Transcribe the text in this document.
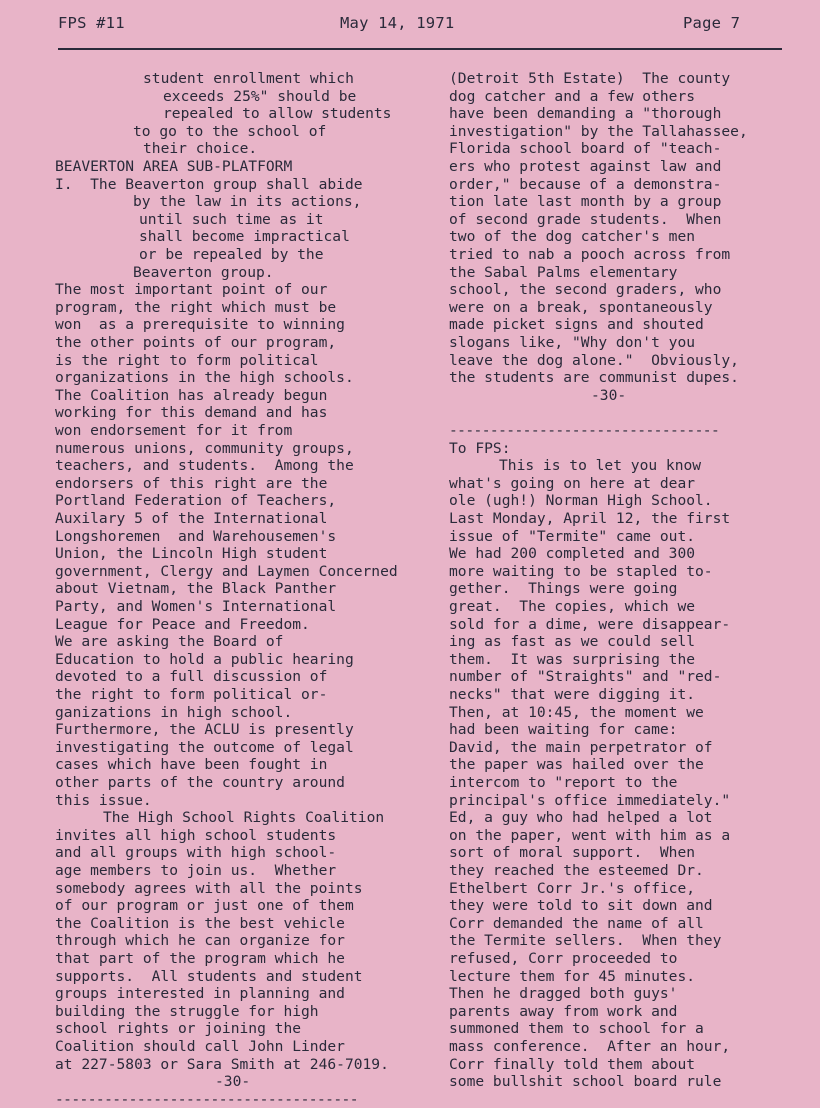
FPS #11	May 14, 1971	Page 7
student enrollment which
exceeds 25%" should be
repealed to allow students
to go to the school of
their choice.
BEAVERTON AREA SUB-PLATFORM
I.  The Beaverton group shall abide
by the law in its actions,
until such time as it
shall become impractical
or be repealed by the
Beaverton group.
The most important point of our
program, the right which must be
won  as a prerequisite to winning
the other points of our program,
is the right to form political
organizations in the high schools.
The Coalition has already begun
working for this demand and has
won endorsement for it from
numerous unions, community groups,
teachers, and students.  Among the
endorsers of this right are the
Portland Federation of Teachers,
Auxilary 5 of the International
Longshoremen  and Warehousemen's
Union, the Lincoln High student
government, Clergy and Laymen Concerned
about Vietnam, the Black Panther
Party, and Women's International
League for Peace and Freedom.
We are asking the Board of
Education to hold a public hearing
devoted to a full discussion of
the right to form political or-
ganizations in high school.
Furthermore, the ACLU is presently
investigating the outcome of legal
cases which have been fought in
other parts of the country around
this issue.
The High School Rights Coalition
invites all high school students
and all groups with high school-
age members to join us.  Whether
somebody agrees with all the points
of our program or just one of them
the Coalition is the best vehicle
through which he can organize for
that part of the program which he
supports.  All students and student
groups interested in planning and
building the struggle for high
school rights or joining the
Coalition should call John Linder
at 227-5803 or Sara Smith at 246-7019.
-30-
-------------------------------------
(Detroit 5th Estate)  The county
dog catcher and a few others
have been demanding a "thorough
investigation" by the Tallahassee,
Florida school board of "teach-
ers who protest against law and
order," because of a demonstra-
tion late last month by a group
of second grade students.  When
two of the dog catcher's men
tried to nab a pooch across from
the Sabal Palms elementary
school, the second graders, who
were on a break, spontaneously
made picket signs and shouted
slogans like, "Why don't you
leave the dog alone."  Obviously,
the students are communist dupes.
-30-
---------------------------------
To FPS:
This is to let you know
what's going on here at dear
ole (ugh!) Norman High School.
Last Monday, April 12, the first
issue of "Termite" came out.
We had 200 completed and 300
more waiting to be stapled to-
gether.  Things were going
great.  The copies, which we
sold for a dime, were disappear-
ing as fast as we could sell
them.  It was surprising the
number of "Straights" and "red-
necks" that were digging it.
Then, at 10:45, the moment we
had been waiting for came:
David, the main perpetrator of
the paper was hailed over the
intercom to "report to the
principal's office immediately."
Ed, a guy who had helped a lot
on the paper, went with him as a
sort of moral support.  When
they reached the esteemed Dr.
Ethelbert Corr Jr.'s office,
they were told to sit down and
Corr demanded the name of all
the Termite sellers.  When they
refused, Corr proceeded to
lecture them for 45 minutes.
Then he dragged both guys'
parents away from work and
summoned them to school for a
mass conference.  After an hour,
Corr finally told them about
some bullshit school board rule
